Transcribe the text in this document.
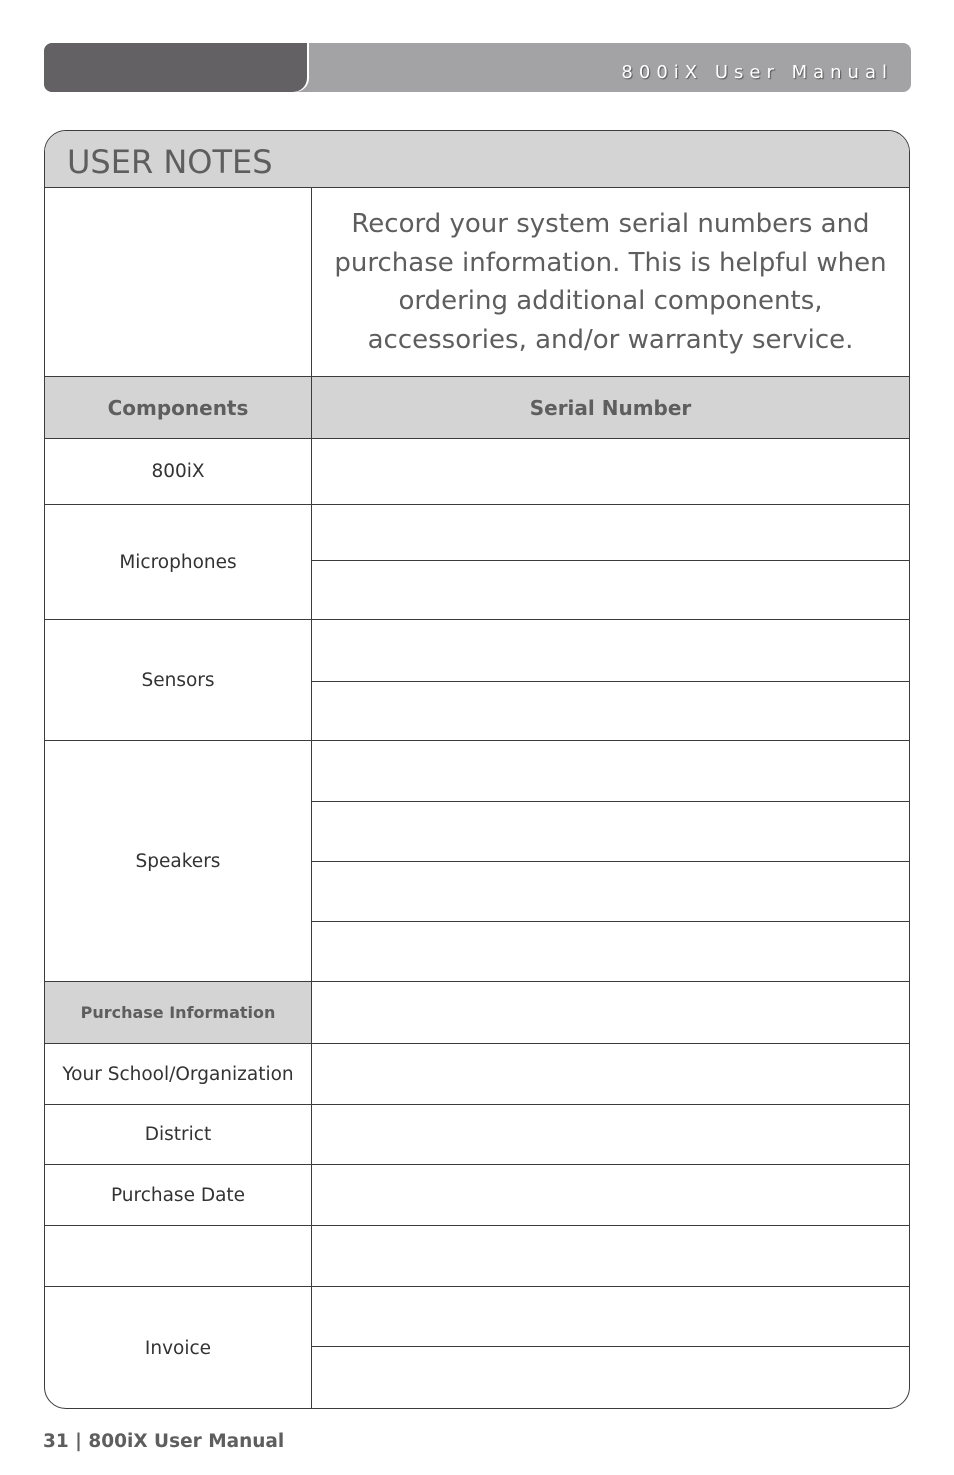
800iX User Manual
USER NOTES
Record your system serial numbers and purchase information. This is helpful when ordering additional components, accessories, and/or warranty service.
Components	Serial Number
800iX
Microphones
Sensors
Speakers
Purchase Information
Your School/Organization
District
Purchase Date
Invoice
31 | 800iX User Manual
